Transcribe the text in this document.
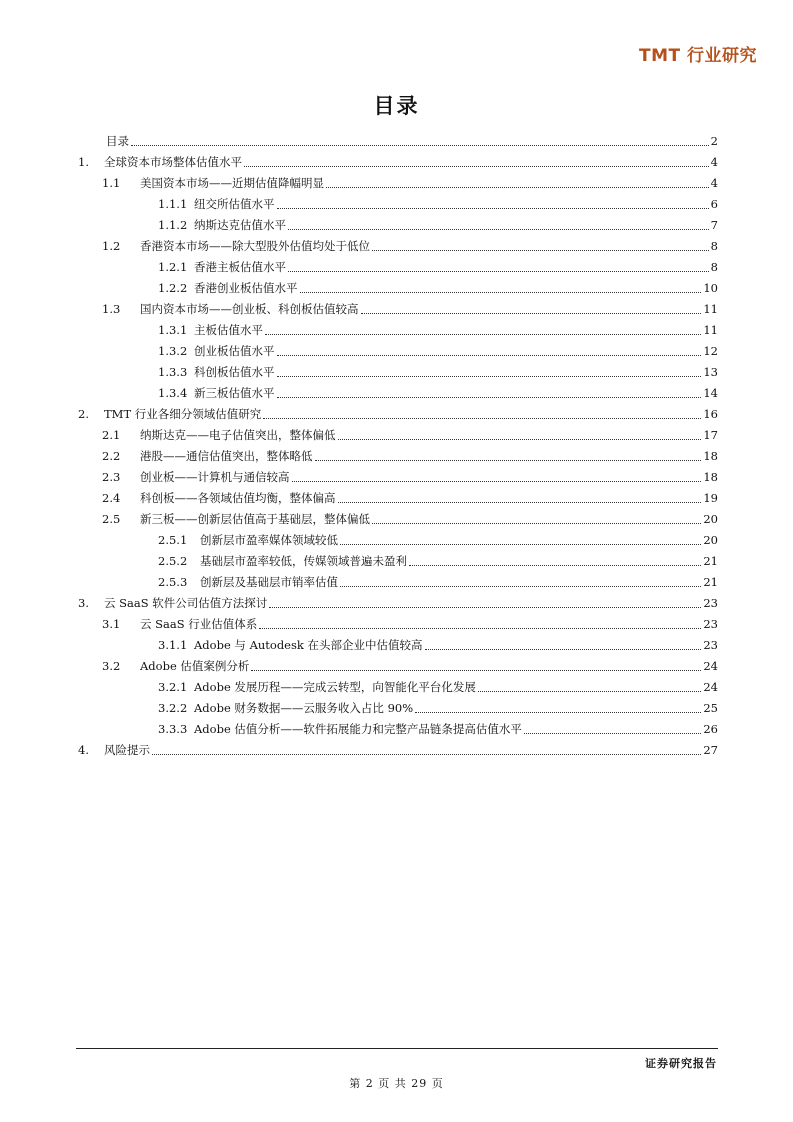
TMT 行业研究
目录
目录	2
1.	全球资本市场整体估值水平	4
1.1	美国资本市场——近期估值降幅明显	4
1.1.1 纽交所估值水平	6
1.1.2 纳斯达克估值水平	7
1.2	香港资本市场——除大型股外估值均处于低位	8
1.2.1 香港主板估值水平	8
1.2.2 香港创业板估值水平	10
1.3	国内资本市场——创业板、科创板估值较高	11
1.3.1 主板估值水平	11
1.3.2 创业板估值水平	12
1.3.3 科创板估值水平	13
1.3.4 新三板估值水平	14
2.	TMT 行业各细分领域估值研究	16
2.1	纳斯达克——电子估值突出，整体偏低	17
2.2	港股——通信估值突出，整体略低	18
2.3	创业板——计算机与通信较高	18
2.4	科创板——各领域估值均衡，整体偏高	19
2.5	新三板——创新层估值高于基础层，整体偏低	20
2.5.1	创新层市盈率媒体领域较低	20
2.5.2	基础层市盈率较低，传媒领域普遍未盈利	21
2.5.3	创新层及基础层市销率估值	21
3.	云 SaaS 软件公司估值方法探讨	23
3.1	云 SaaS 行业估值体系	23
3.1.1 Adobe 与 Autodesk 在头部企业中估值较高	23
3.2	Adobe 估值案例分析	24
3.2.1 Adobe 发展历程——完成云转型，向智能化平台化发展	24
3.2.2 Adobe 财务数据——云服务收入占比 90%	25
3.3.3 Adobe 估值分析——软件拓展能力和完整产品链条提高估值水平	26
4.	风险提示	27
证券研究报告
第 2 页 共 29 页
